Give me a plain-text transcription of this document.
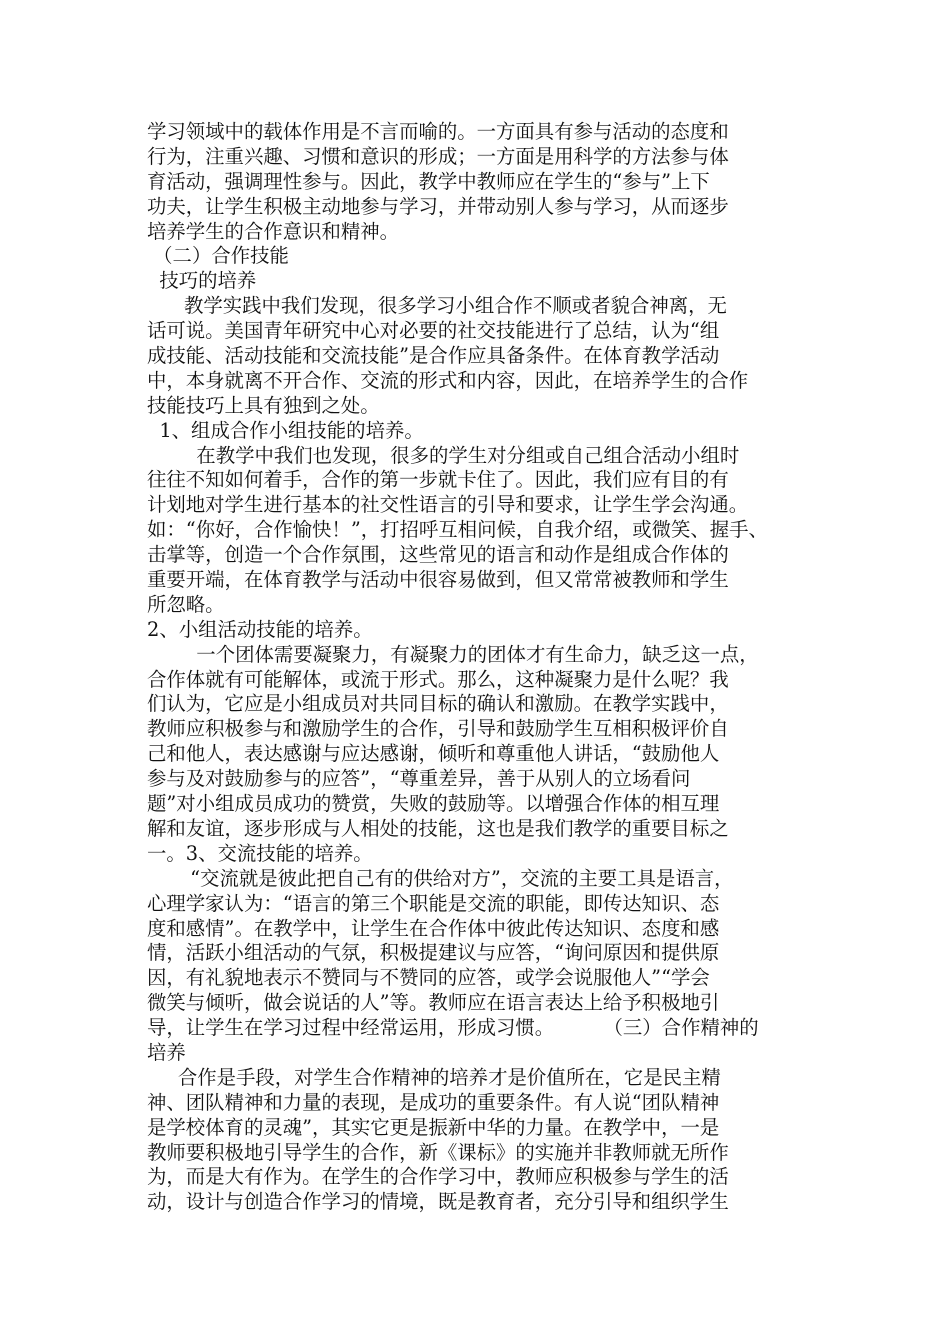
学习领域中的载体作用是不言而喻的。一方面具有参与活动的态度和
行为，注重兴趣、习惯和意识的形成；一方面是用科学的方法参与体
育活动，强调理性参与。因此，教学中教师应在学生的“参与”上下
功夫，让学生积极主动地参与学习，并带动别人参与学习，从而逐步
培养学生的合作意识和精神。
（二）合作技能
技巧的培养
教学实践中我们发现，很多学习小组合作不顺或者貌合神离，无
话可说。美国青年研究中心对必要的社交技能进行了总结，认为“组
成技能、活动技能和交流技能”是合作应具备条件。在体育教学活动
中，本身就离不开合作、交流的形式和内容，因此，在培养学生的合作
技能技巧上具有独到之处。
1、组成合作小组技能的培养。
在教学中我们也发现，很多的学生对分组或自己组合活动小组时
往往不知如何着手，合作的第一步就卡住了。因此，我们应有目的有
计划地对学生进行基本的社交性语言的引导和要求，让学生学会沟通。
如：“你好，合作愉快！”，打招呼互相问候，自我介绍，或微笑、握手、
击掌等，创造一个合作氛围，这些常见的语言和动作是组成合作体的
重要开端，在体育教学与活动中很容易做到，但又常常被教师和学生
所忽略。
2、小组活动技能的培养。
一个团体需要凝聚力，有凝聚力的团体才有生命力，缺乏这一点，
合作体就有可能解体，或流于形式。那么，这种凝聚力是什么呢？我
们认为，它应是小组成员对共同目标的确认和激励。在教学实践中，
教师应积极参与和激励学生的合作，引导和鼓励学生互相积极评价自
己和他人，表达感谢与应达感谢，倾听和尊重他人讲话，“鼓励他人
参与及对鼓励参与的应答”，“尊重差异，善于从别人的立场看问
题”对小组成员成功的赞赏，失败的鼓励等。以增强合作体的相互理
解和友谊，逐步形成与人相处的技能，这也是我们教学的重要目标之
一。3、交流技能的培养。
“交流就是彼此把自己有的供给对方”，交流的主要工具是语言，
心理学家认为：“语言的第三个职能是交流的职能，即传达知识、态
度和感情”。在教学中，让学生在合作体中彼此传达知识、态度和感
情，活跃小组活动的气氛，积极提建议与应答，“询问原因和提供原
因，有礼貌地表示不赞同与不赞同的应答，或学会说服他人”“学会
微笑与倾听，做会说话的人”等。教师应在语言表达上给予积极地引
导，让学生在学习过程中经常运用，形成习惯。        （三）合作精神的
培养
合作是手段，对学生合作精神的培养才是价值所在，它是民主精
神、团队精神和力量的表现，是成功的重要条件。有人说“团队精神
是学校体育的灵魂”，其实它更是振新中华的力量。在教学中，一是
教师要积极地引导学生的合作，新《课标》的实施并非教师就无所作
为，而是大有作为。在学生的合作学习中，教师应积极参与学生的活
动，设计与创造合作学习的情境，既是教育者，充分引导和组织学生
